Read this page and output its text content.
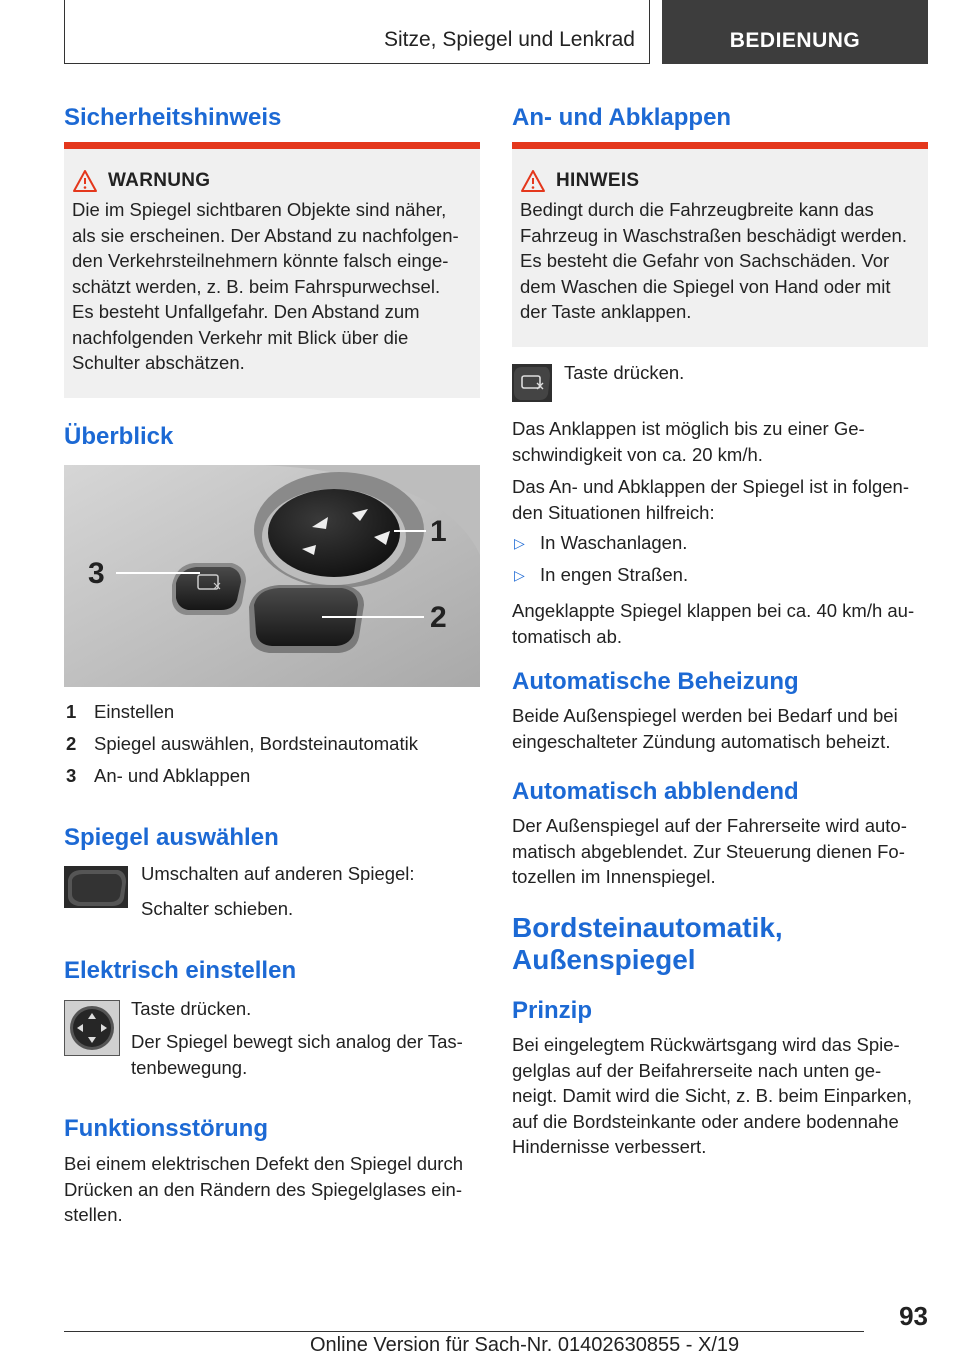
Sitze, Spiegel und Lenkrad	BEDIENUNG
Sicherheitshinweis
WARNUNG

Die im Spiegel sichtbaren Objekte sind näher,
als sie erscheinen. Der Abstand zu nachfolgen-
den Verkehrsteilnehmern könnte falsch einge-
schätzt werden, z. B. beim Fahrspurwechsel.
Es besteht Unfallgefahr. Den Abstand zum
nachfolgenden Verkehr mit Blick über die
Schulter abschätzen.

Überblick
1
2
3
1 Einstellen
2 Spiegel auswählen, Bordsteinautomatik
3 An- und Abklappen
Spiegel auswählen

Umschalten auf anderen Spiegel:

Schalter schieben.

Elektrisch einstellen

Taste drücken.

Der Spiegel bewegt sich analog der Tas-
tenbewegung.

Funktionsstörung

Bei einem elektrischen Defekt den Spiegel durch
Drücken an den Rändern des Spiegelglases ein-
stellen.

An- und Abklappen
HINWEIS

Bedingt durch die Fahrzeugbreite kann das
Fahrzeug in Waschstraßen beschädigt werden.
Es besteht die Gefahr von Sachschäden. Vor
dem Waschen die Spiegel von Hand oder mit
der Taste anklappen.

Taste drücken.

Das Anklappen ist möglich bis zu einer Ge-
schwindigkeit von ca. 20 km/h.

Das An- und Abklappen der Spiegel ist in folgen-
den Situationen hilfreich:

▷ In Waschanlagen.
▷ In engen Straßen.

Angeklappte Spiegel klappen bei ca. 40 km/h au-
tomatisch ab.

Automatische Beheizung

Beide Außenspiegel werden bei Bedarf und bei
eingeschalteter Zündung automatisch beheizt.

Automatisch abblendend

Der Außenspiegel auf der Fahrerseite wird auto-
matisch abgeblendet. Zur Steuerung dienen Fo-
tozellen im Innenspiegel.

Bordsteinautomatik,
Außenspiegel
Prinzip

Bei eingelegtem Rückwärtsgang wird das Spie-
gelglas auf der Beifahrerseite nach unten ge-
neigt. Damit wird die Sicht, z. B. beim Einparken,
auf die Bordsteinkante oder andere bodennahe
Hindernisse verbessert.

93
Online Version für Sach-Nr. 01402630855 - X/19
